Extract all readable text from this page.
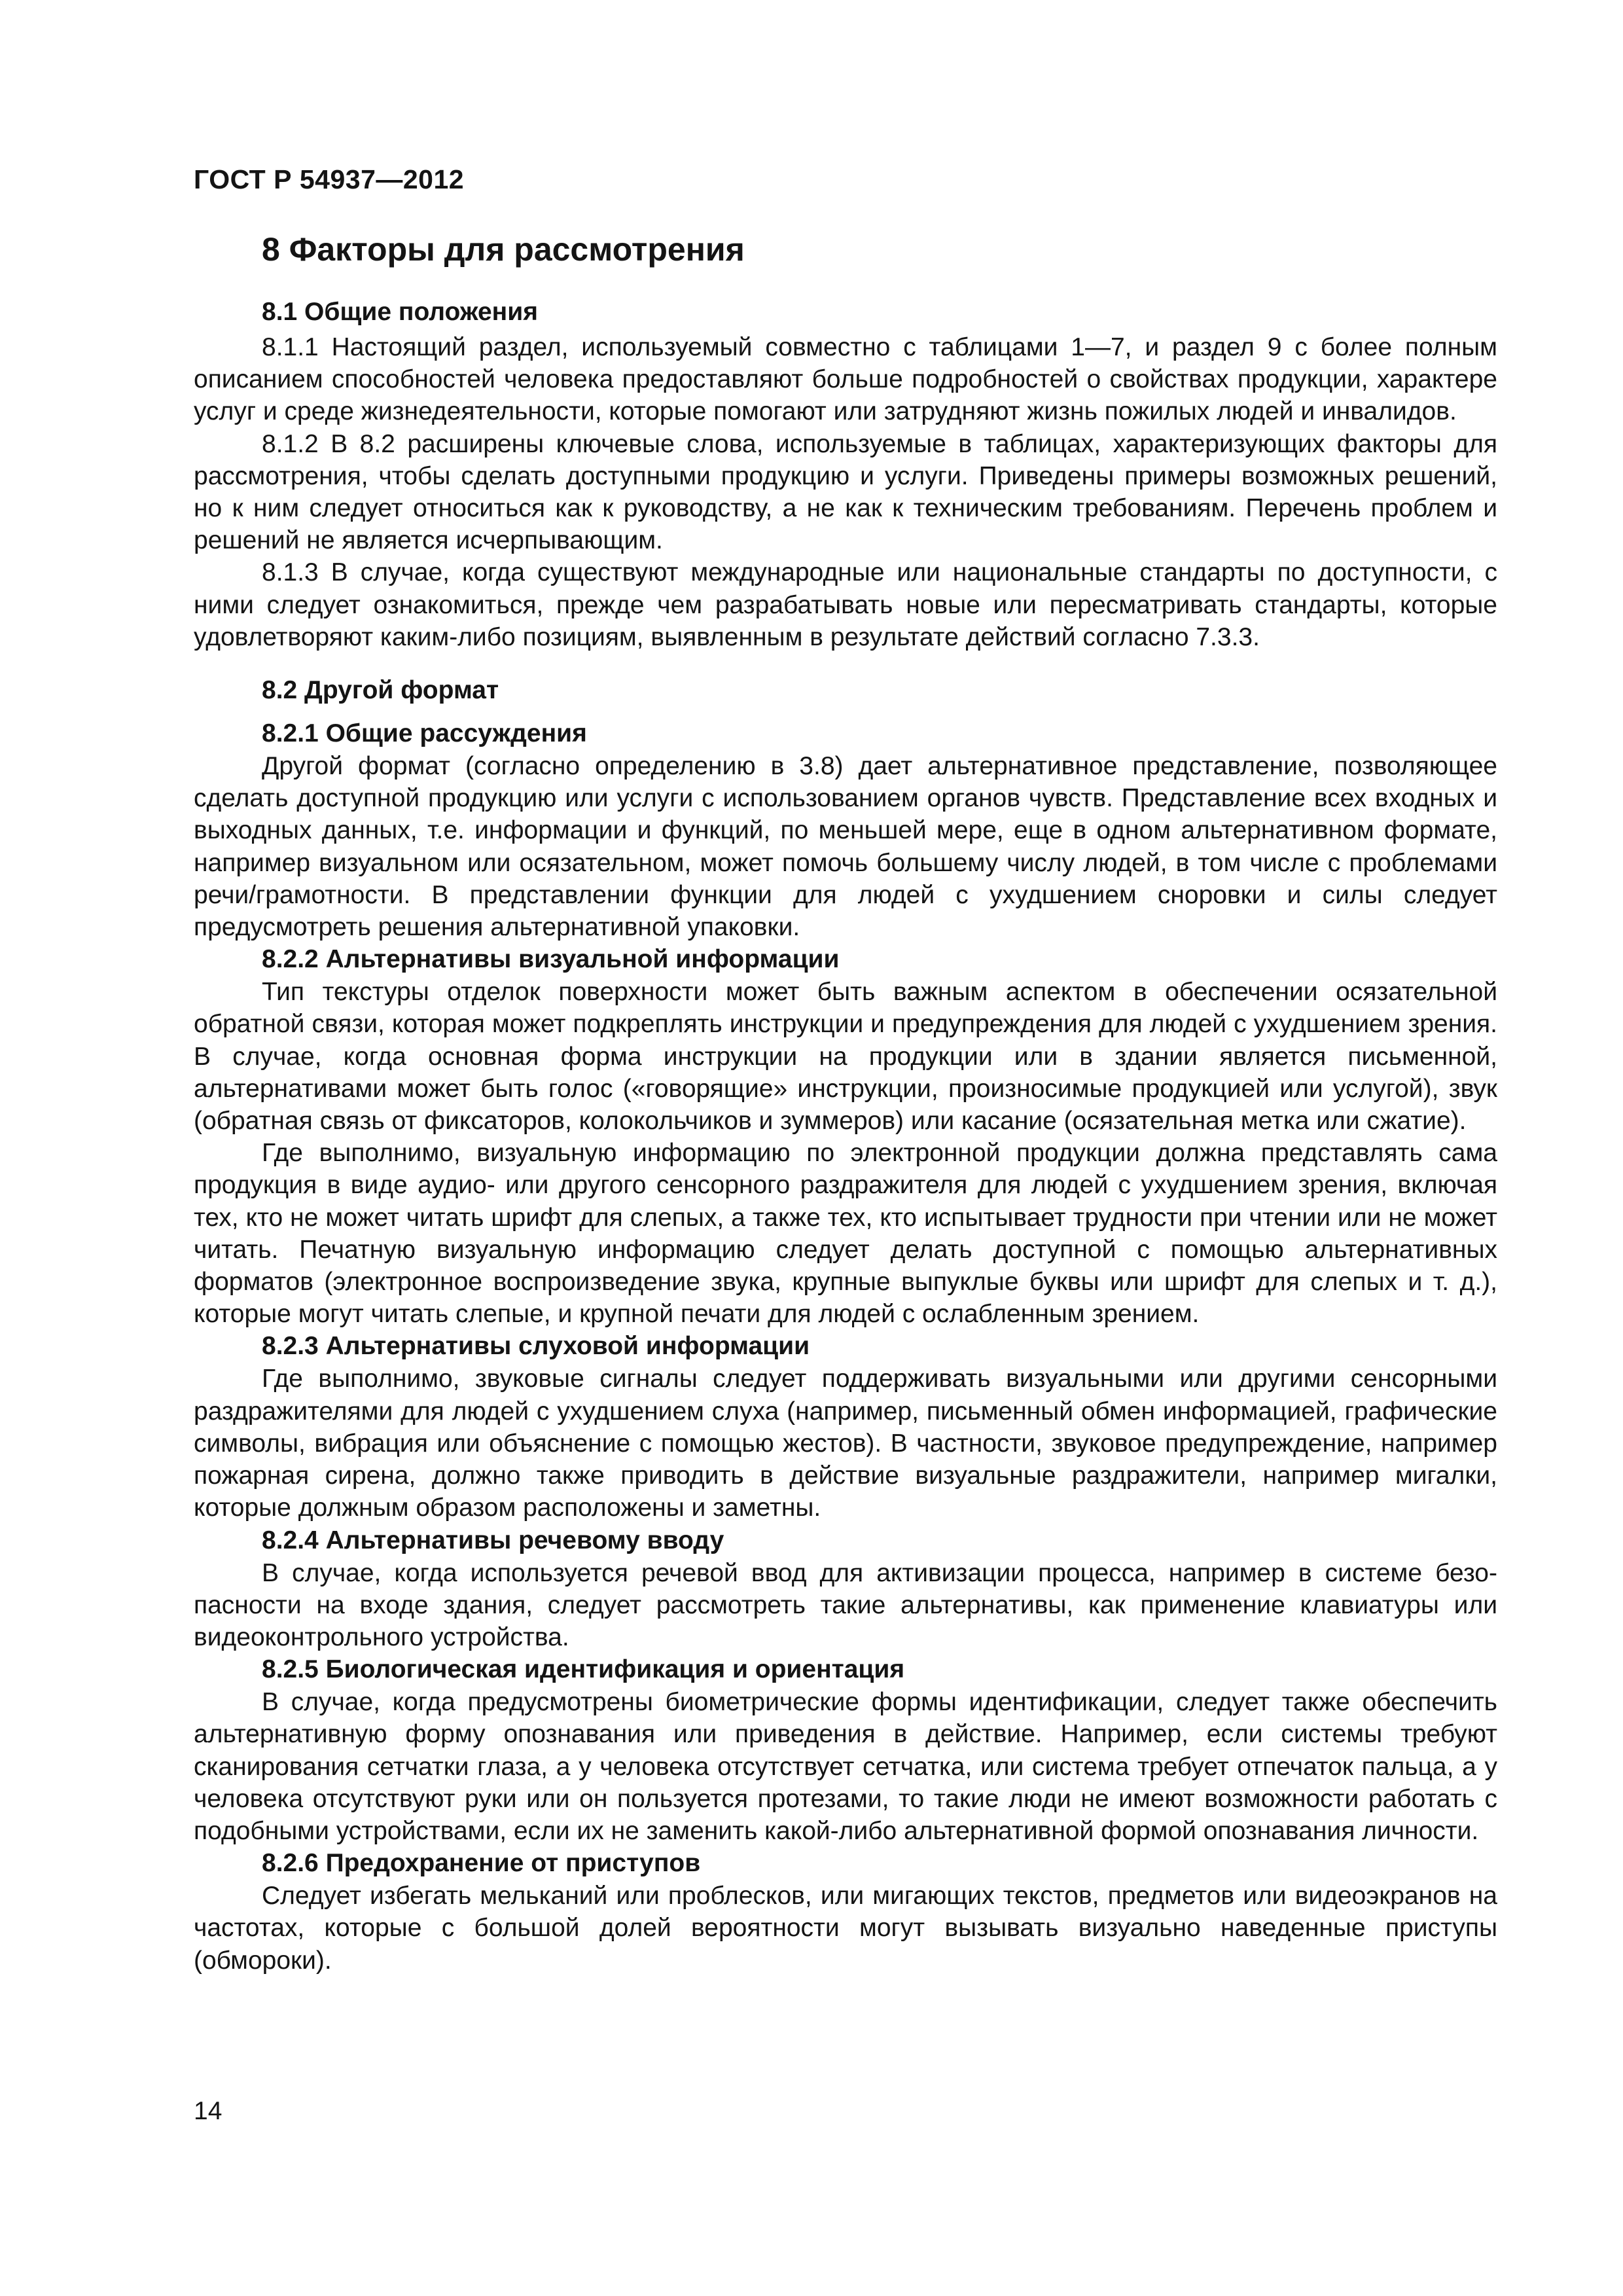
ГОСТ Р 54937—2012
8 Факторы для рассмотрения
8.1 Общие положения

8.1.1 Настоящий раздел, используемый совместно с таблицами 1—7, и раздел 9 с более полным описанием способностей человека предоставляют больше подробностей о свойствах продукции, характере услуг и среде жизнедеятельности, которые помогают или затрудняют жизнь пожилых людей и инвалидов.

8.1.2 В 8.2 расширены ключевые слова, используемые в таблицах, характеризующих факторы для рассмотрения, чтобы сделать доступными продукцию и услуги. Приведены примеры возможных решений, но к ним следует относиться как к руководству, а не как к техническим требованиям. Перечень проблем и решений не является исчерпывающим.

8.1.3 В случае, когда существуют международные или национальные стандарты по доступности, с ними следует ознакомиться, прежде чем разрабатывать новые или пересматривать стандарты, которые удовлетворяют каким-либо позициям, выявленным в результате действий согласно 7.3.3.

8.2 Другой формат
8.2.1 Общие рассуждения

Другой формат (согласно определению в 3.8) дает альтернативное представление, позволяющее сделать доступной продукцию или услуги с использованием органов чувств. Представление всех входных и выходных данных, т.е. информации и функций, по меньшей мере, еще в одном альтернативном формате, например визуальном или осязательном, может помочь большему числу людей, в том числе с проблемами речи/грамотности. В представлении функции для людей с ухудшением сноровки и силы следует предусмотреть решения альтернативной упаковки.

8.2.2 Альтернативы визуальной информации

Тип текстуры отделок поверхности может быть важным аспектом в обеспечении осязательной обратной связи, которая может подкреплять инструкции и предупреждения для людей с ухудшением зрения. В случае, когда основная форма инструкции на продукции или в здании является письменной, альтернативами может быть голос («говорящие» инструкции, произносимые продукцией или услугой), звук (обратная связь от фиксаторов, колокольчиков и зуммеров) или касание (осязательная метка или сжатие).

Где выполнимо, визуальную информацию по электронной продукции должна представлять сама продукция в виде аудио- или другого сенсорного раздражителя для людей с ухудшением зрения, включая тех, кто не может читать шрифт для слепых, а также тех, кто испытывает трудности при чтении или не может читать. Печатную визуальную информацию следует делать доступной с помощью альтернативных форматов (электронное воспроизведение звука, крупные выпуклые буквы или шрифт для слепых и т. д.), которые могут читать слепые, и крупной печати для людей с ослабленным зрением.

8.2.3 Альтернативы слуховой информации

Где выполнимо, звуковые сигналы следует поддерживать визуальными или другими сенсорными раздражителями для людей с ухудшением слуха (например, письменный обмен информацией, графические символы, вибрация или объяснение с помощью жестов). В частности, звуковое предупреждение, например пожарная сирена, должно также приводить в действие визуальные раздражители, например мигалки, которые должным образом расположены и заметны.

8.2.4 Альтернативы речевому вводу

В случае, когда используется речевой ввод для активизации процесса, например в системе безопасности на входе здания, следует рассмотреть такие альтернативы, как применение клавиатуры или видеоконтрольного устройства.

8.2.5 Биологическая идентификация и ориентация

В случае, когда предусмотрены биометрические формы идентификации, следует также обеспечить альтернативную форму опознавания или приведения в действие. Например, если системы требуют сканирования сетчатки глаза, а у человека отсутствует сетчатка, или система требует отпечаток пальца, а у человека отсутствуют руки или он пользуется протезами, то такие люди не имеют возможности работать с подобными устройствами, если их не заменить какой-либо альтернативной формой опознавания личности.

8.2.6 Предохранение от приступов

Следует избегать мельканий или проблесков, или мигающих текстов, предметов или видеоэкранов на частотах, которые с большой долей вероятности могут вызывать визуально наведенные приступы (обмороки).

14
